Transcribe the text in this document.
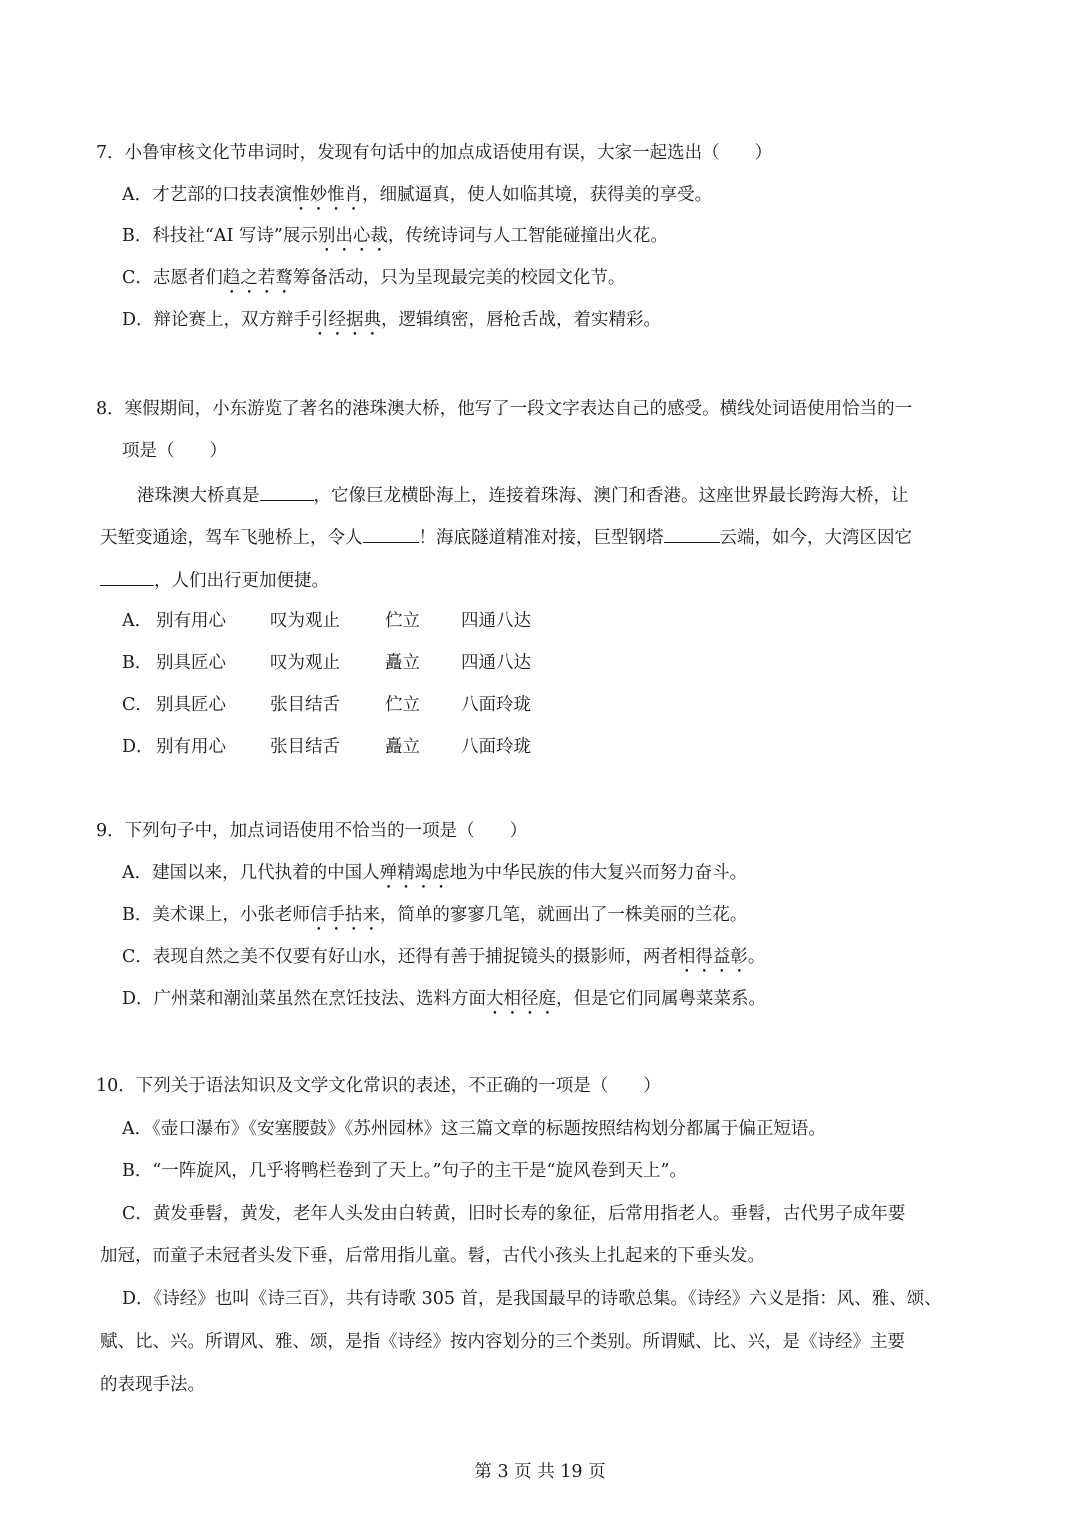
7．小鲁审核文化节串词时，发现有句话中的加点成语使用有误，大家一起选出（　　）
A．才艺部的口技表演惟妙惟肖，细腻逼真，使人如临其境，获得美的享受。
B．科技社“AI 写诗”展示别出心裁，传统诗词与人工智能碰撞出火花。
C．志愿者们趋之若鹜筹备活动，只为呈现最完美的校园文化节。
D．辩论赛上，双方辩手引经据典，逻辑缜密，唇枪舌战，着实精彩。
8．寒假期间，小东游览了著名的港珠澳大桥，他写了一段文字表达自己的感受。横线处词语使用恰当的一
项是（　　）
港珠澳大桥真是	，它像巨龙横卧海上，连接着珠海、澳门和香港。这座世界最长跨海大桥，让
天堑变通途，驾车飞驰桥上，令人	！海底隧道精准对接，巨型钢塔	云端，如今，大湾区因它
，人们出行更加便捷。
A． 别有用心	叹为观止	伫立 四通八达
B． 别具匠心	叹为观止	矗立 四通八达
C． 别具匠心	张目结舌	伫立 八面玲珑
D． 别有用心	张目结舌	矗立 八面玲珑
9．下列句子中，加点词语使用不恰当的一项是（　　）
A．建国以来，几代执着的中国人殚精竭虑地为中华民族的伟大复兴而努力奋斗。
B．美术课上，小张老师信手拈来，简单的寥寥几笔，就画出了一株美丽的兰花。
C．表现自然之美不仅要有好山水，还得有善于捕捉镜头的摄影师，两者相得益彰。
D．广州菜和潮汕菜虽然在烹饪技法、选料方面大相径庭，但是它们同属粤菜菜系。
10．下列关于语法知识及文学文化常识的表述，不正确的一项是（　　）
A．《壶口瀑布》《安塞腰鼓》《苏州园林》这三篇文章的标题按照结构划分都属于偏正短语。
B．“一阵旋风，几乎将鸭栏卷到了天上。”句子的主干是“旋风卷到天上”。
C．黄发垂髫，黄发，老年人头发由白转黄，旧时长寿的象征，后常用指老人。垂髫，古代男子成年要
加冠，而童子未冠者头发下垂，后常用指儿童。髫，古代小孩头上扎起来的下垂头发。
D．《诗经》也叫《诗三百》，共有诗歌 305 首，是我国最早的诗歌总集。《诗经》六义是指：风、雅、颂、
赋、比、兴。所谓风、雅、颂，是指《诗经》按内容划分的三个类别。所谓赋、比、兴，是《诗经》主要
的表现手法。
第 3 页 共 19 页
